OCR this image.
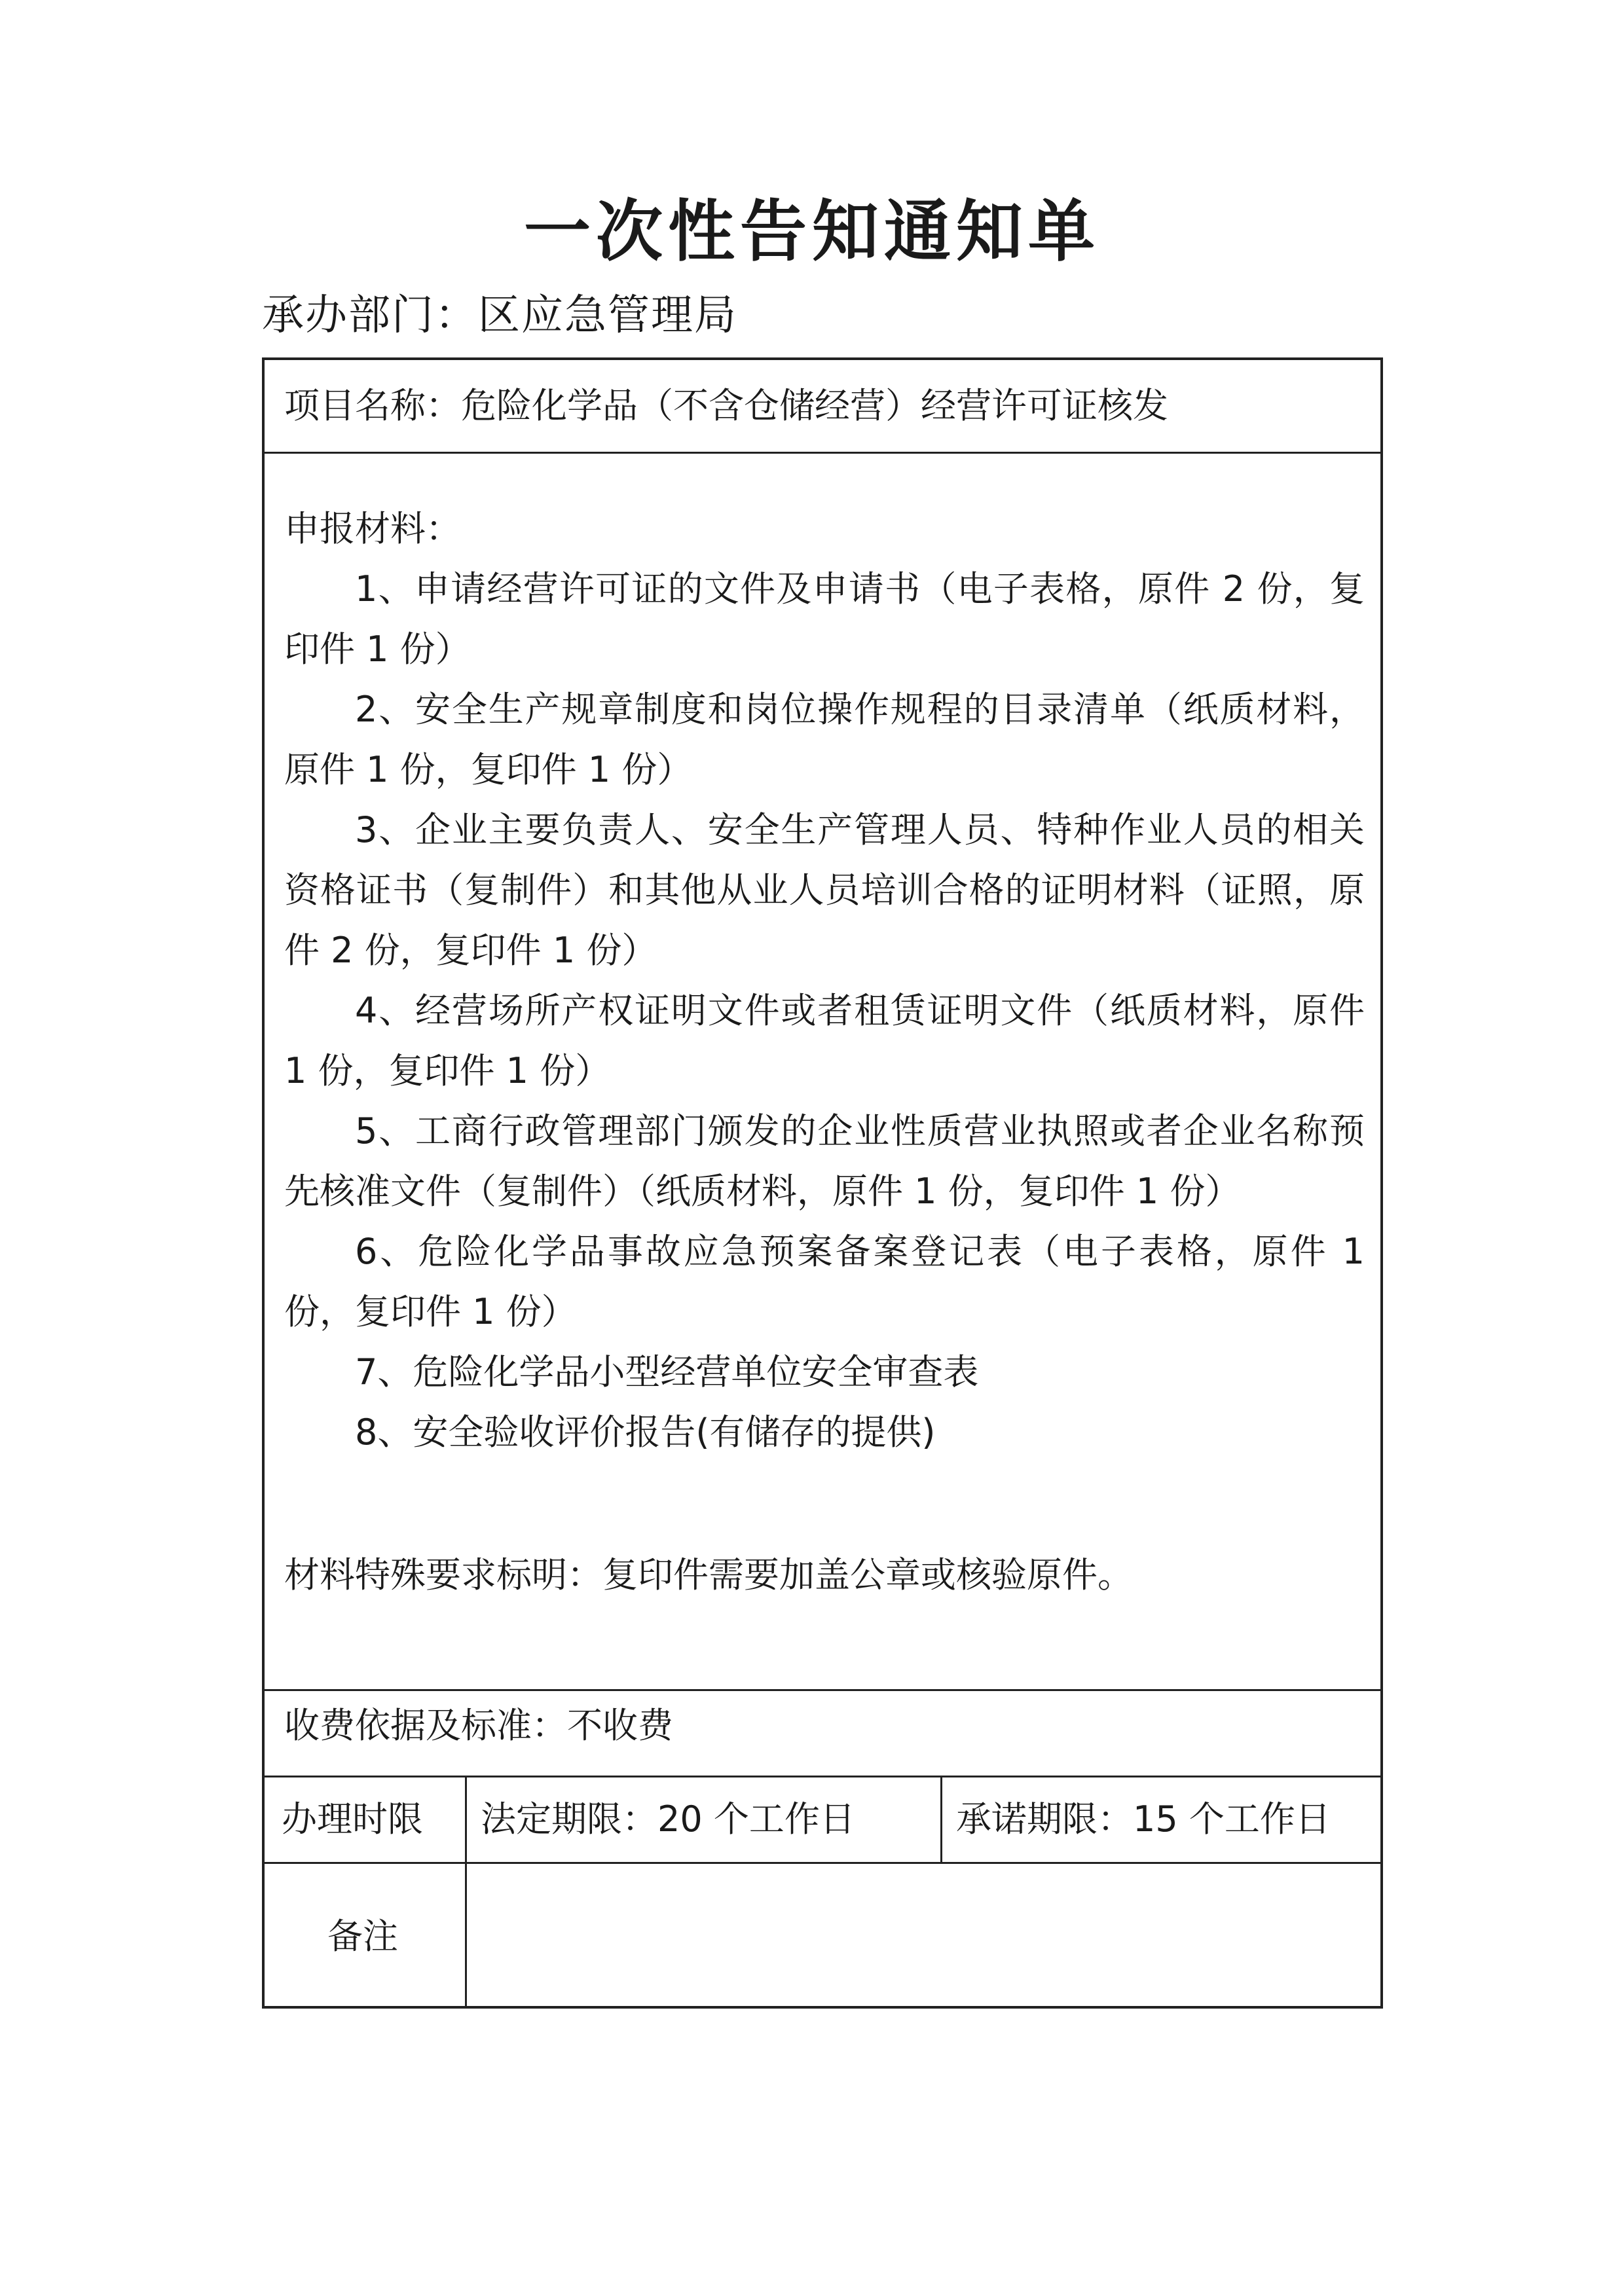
一次性告知通知单
承办部门：区应急管理局
项目名称：危险化学品（不含仓储经营）经营许可证核发

申报材料：

1、申请经营许可证的文件及申请书（电子表格，原件 2 份，复印件 1 份）

2、安全生产规章制度和岗位操作规程的目录清单（纸质材料，原件 1 份，复印件 1 份）

3、企业主要负责人、安全生产管理人员、特种作业人员的相关资格证书（复制件）和其他从业人员培训合格的证明材料（证照，原件 2 份，复印件 1 份）

4、经营场所产权证明文件或者租赁证明文件（纸质材料，原件 1 份，复印件 1 份）

5、工商行政管理部门颁发的企业性质营业执照或者企业名称预先核准文件（复制件）（纸质材料，原件 1 份，复印件 1 份）

6、危险化学品事故应急预案备案登记表（电子表格，原件 1 份，复印件 1 份）

7、危险化学品小型经营单位安全审查表

8、安全验收评价报告(有储存的提供)

材料特殊要求标明：复印件需要加盖公章或核验原件。
收费依据及标准：不收费
办理时限 法定期限：20 个工作日	承诺期限：15 个工作日
备注
